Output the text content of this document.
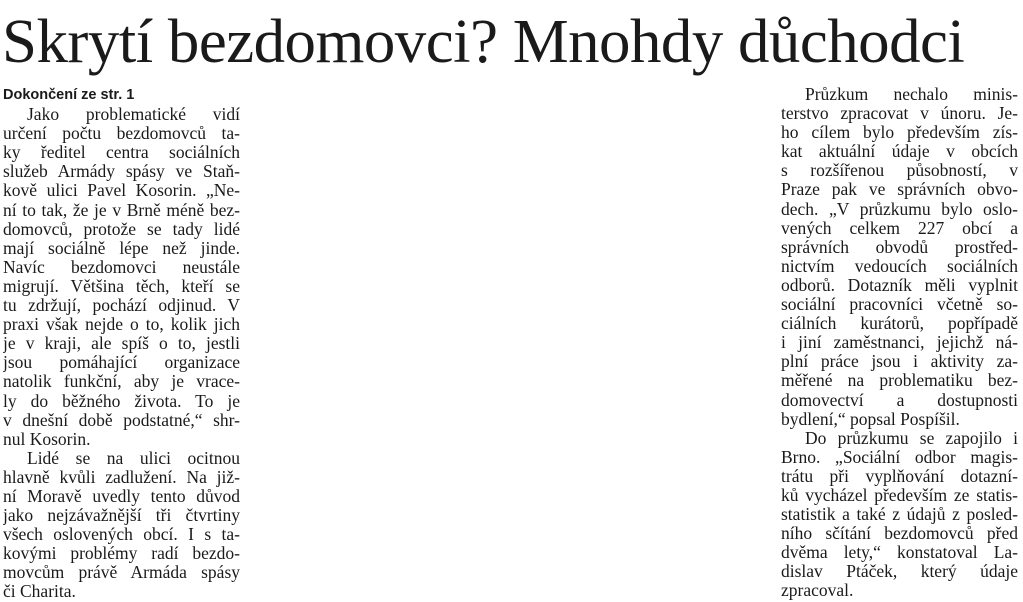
Skrytí bezdomovci? Mnohdy důchodci
Dokončení ze str. 1
Jako problematické vidí
určení počtu bezdomovců ta-
ky ředitel centra sociálních
služeb Armády spásy ve Staň-
kově ulici Pavel Kosorin. „Ne-
ní to tak, že je v Brně méně bez-
domovců, protože se tady lidé
mají sociálně lépe než jinde.
Navíc bezdomovci neustále
migrují. Většina těch, kteří se
tu zdržují, pochází odjinud. V
praxi však nejde o to, kolik jich
je v kraji, ale spíš o to, jestli
jsou pomáhající organizace
natolik funkční, aby je vrace-
ly do běžného života. To je
v dnešní době podstatné,“ shr-
nul Kosorin.
Lidé se na ulici ocitnou
hlavně kvůli zadlužení. Na již-
ní Moravě uvedly tento důvod
jako nejzávažnější tři čtvrtiny
všech oslovených obcí. I s ta-
kovými problémy radí bezdo-
movcům právě Armáda spásy
či Charita.
Průzkum nechalo minis-
terstvo zpracovat v únoru. Je-
ho cílem bylo především zís-
kat aktuální údaje v obcích
s rozšířenou působností, v
Praze pak ve správních obvo-
dech. „V průzkumu bylo oslo-
vených celkem 227 obcí a
správních obvodů prostřed-
nictvím vedoucích sociálních
odborů. Dotazník měli vyplnit
sociální pracovníci včetně so-
ciálních kurátorů, popřípadě
i jiní zaměstnanci, jejichž ná-
plní práce jsou i aktivity za-
měřené na problematiku bez-
domovectví a dostupnosti
bydlení,“ popsal Pospíšil.
Do průzkumu se zapojilo i
Brno. „Sociální odbor magis-
trátu při vyplňování dotazní-
ků vycházel především ze statis-
statistik a také z údajů z posled-
ního sčítání bezdomovců před
dvěma lety,“ konstatoval La-
dislav Ptáček, který údaje
zpracoval.
